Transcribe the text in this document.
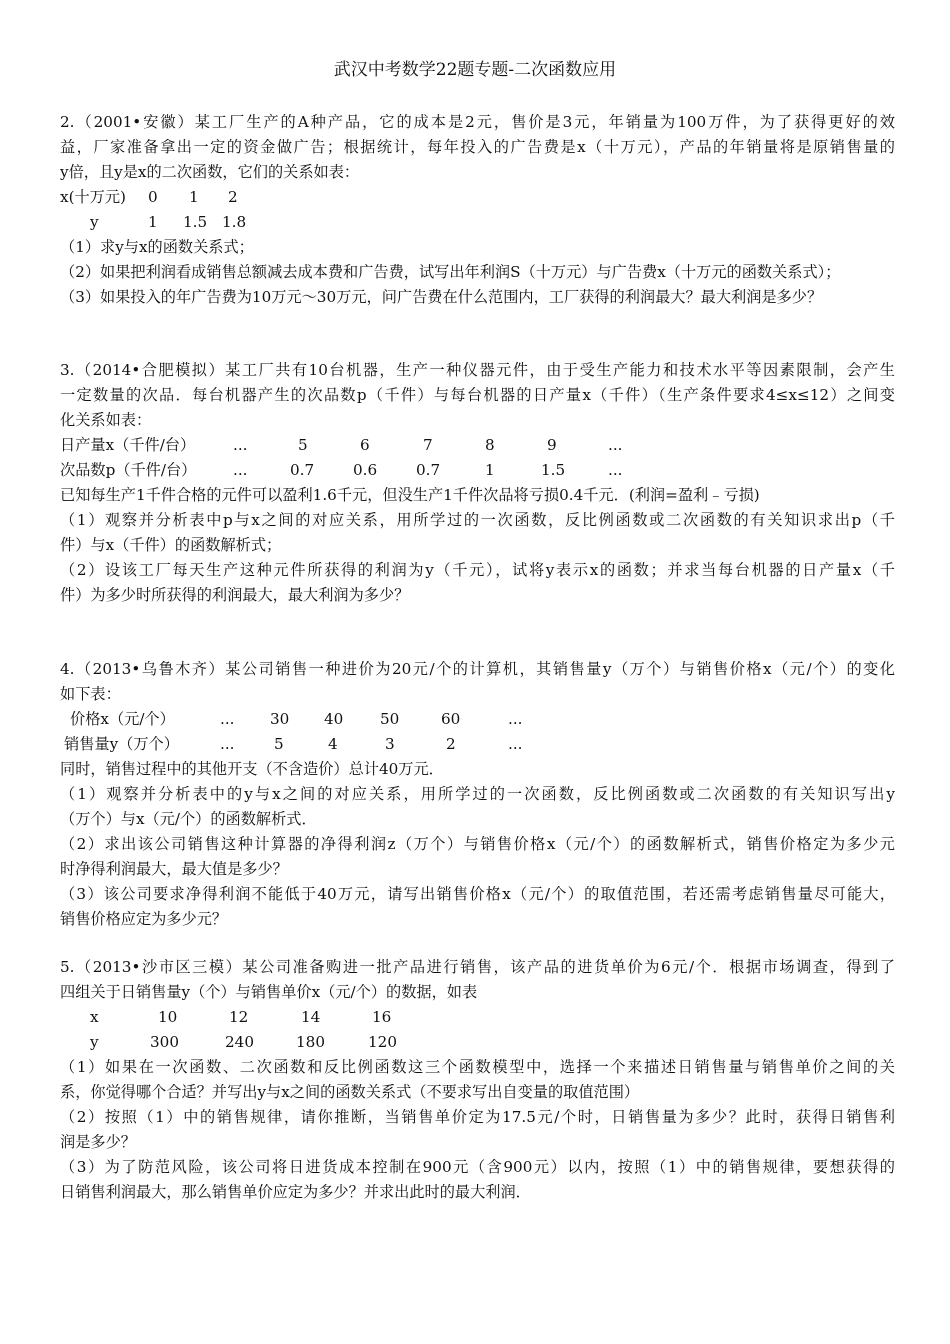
武汉中考数学22题专题-二次函数应用
2.（2001•安徽）某工厂生产的A种产品，它的成本是2元，售价是3元，年销量为100万件，为了获得更好的效
益，厂家准备拿出一定的资金做广告；根据统计，每年投入的广告费是x（十万元），产品的年销量将是原销售量的
y倍，且y是x的二次函数，它们的关系如表：
x(十万元) 0 1 2
y	1 1.5 1.8
（1）求y与x的函数关系式；
（2）如果把利润看成销售总额减去成本费和广告费，试写出年利润S（十万元）与广告费x（十万元的函数关系式）；
（3）如果投入的年广告费为10万元～30万元，问广告费在什么范围内，工厂获得的利润最大？最大利润是多少？
3.（2014•合肥模拟）某工厂共有10台机器，生产一种仪器元件，由于受生产能力和技术水平等因素限制，会产生
一定数量的次品．每台机器产生的次品数p（千件）与每台机器的日产量x（千件）（生产条件要求4≤x≤12）之间变
化关系如表：
日产量x（千件/台） ...	5	6	7	8	9	...
次品数p（千件/台） ...	0.7	0.6	0.7	1	1.5	...
已知每生产1千件合格的元件可以盈利1.6千元，但没生产1千件次品将亏损0.4千元．(利润=盈利﹣亏损)
（1）观察并分析表中p与x之间的对应关系，用所学过的一次函数，反比例函数或二次函数的有关知识求出p（千
件）与x（千件）的函数解析式；
（2）设该工厂每天生产这种元件所获得的利润为y（千元），试将y表示x的函数；并求当每台机器的日产量x（千
件）为多少时所获得的利润最大，最大利润为多少？
4.（2013•乌鲁木齐）某公司销售一种进价为20元/个的计算机，其销售量y（万个）与销售价格x（元/个）的变化
如下表：
价格x（元/个）	... 30 40 50	60	...
销售量y（万个）	...	5	4	3	2	...
同时，销售过程中的其他开支（不含造价）总计40万元．
（1）观察并分析表中的y与x之间的对应关系，用所学过的一次函数，反比例函数或二次函数的有关知识写出y
（万个）与x（元/个）的函数解析式．
（2）求出该公司销售这种计算器的净得利润z（万个）与销售价格x（元/个）的函数解析式，销售价格定为多少元
时净得利润最大，最大值是多少？
（3）该公司要求净得利润不能低于40万元，请写出销售价格x（元/个）的取值范围，若还需考虑销售量尽可能大，
销售价格应定为多少元？
5.（2013•沙市区三模）某公司准备购进一批产品进行销售，该产品的进货单价为6元/个．根据市场调查，得到了
四组关于日销售量y（个）与销售单价x（元/个）的数据，如表
x	10	12	14	16
y	300	240	180	120
（1）如果在一次函数、二次函数和反比例函数这三个函数模型中，选择一个来描述日销售量与销售单价之间的关
系，你觉得哪个合适？并写出y与x之间的函数关系式（不要求写出自变量的取值范围）
（2）按照（1）中的销售规律，请你推断，当销售单价定为17.5元/个时，日销售量为多少？此时，获得日销售利
润是多少？
（3）为了防范风险，该公司将日进货成本控制在900元（含900元）以内，按照（1）中的销售规律，要想获得的
日销售利润最大，那么销售单价应定为多少？并求出此时的最大利润．
